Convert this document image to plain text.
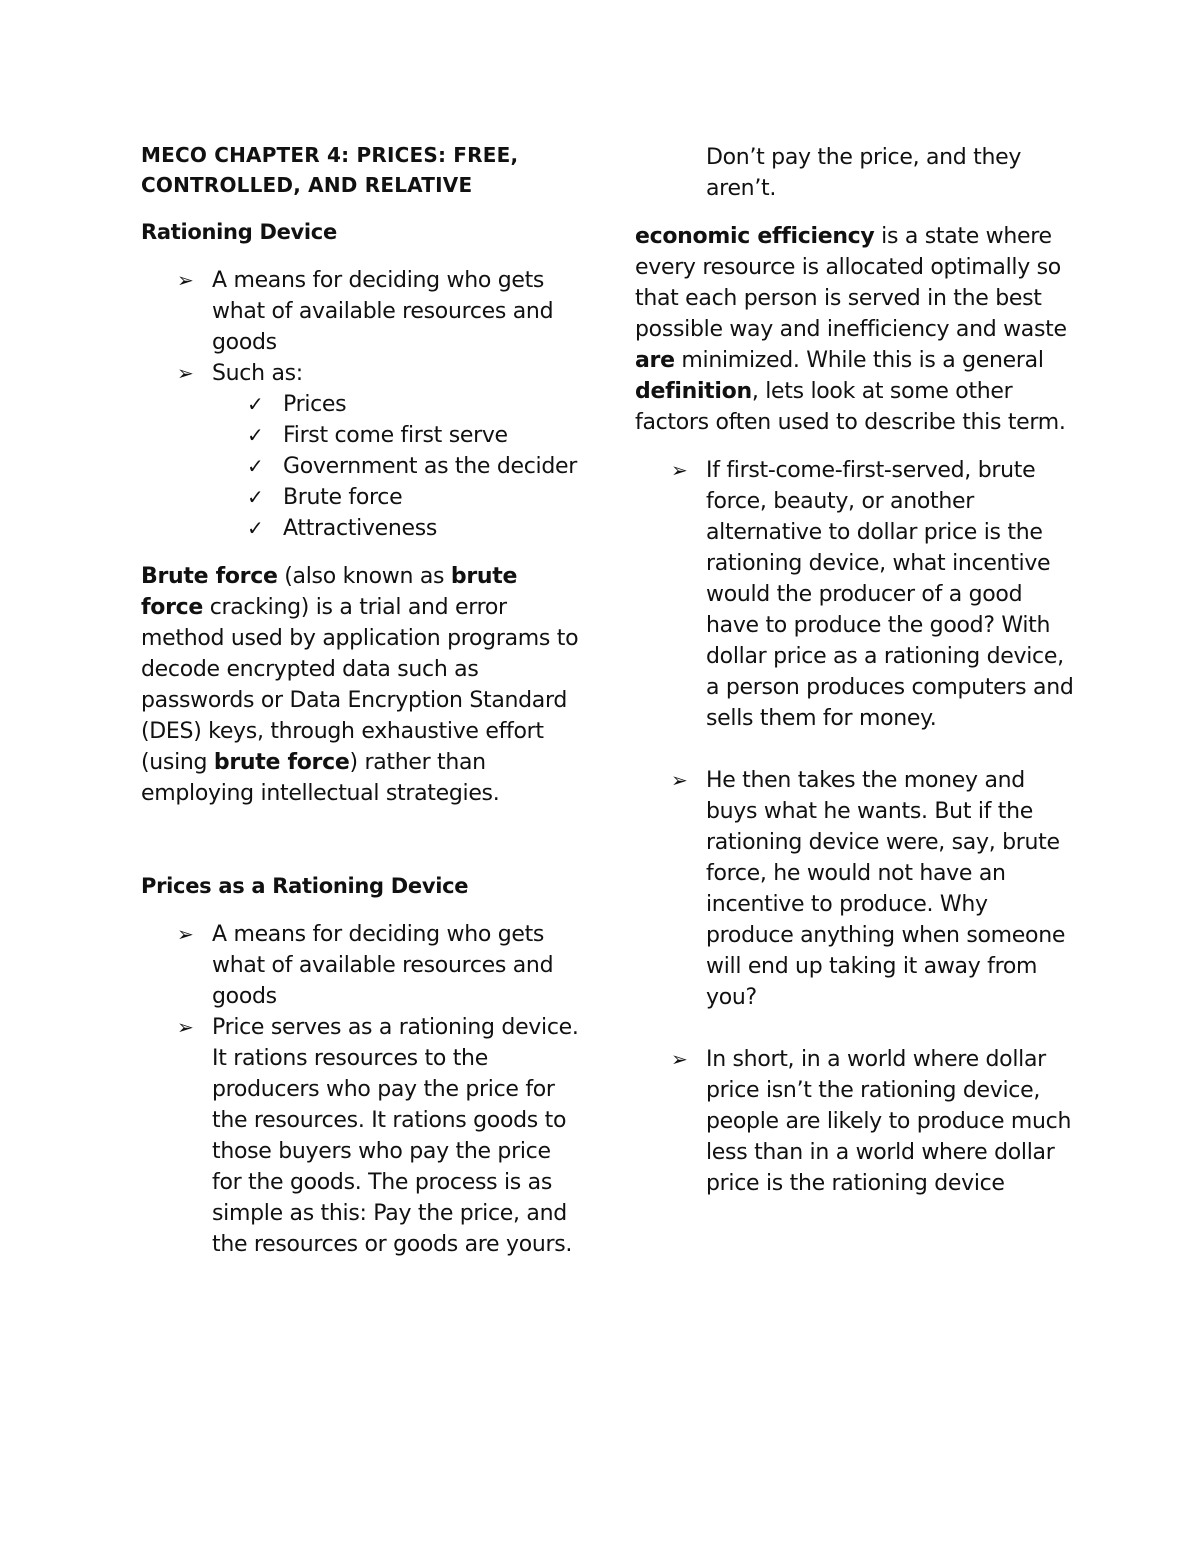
MECO CHAPTER 4: PRICES: FREE,
CONTROLLED, AND RELATIVE

Rationing Device
➢ A means for deciding who gets what of available resources and goods
➢ Such as:
✓ Prices
✓ First come first serve
✓ Government as the decider
✓ Brute force
✓ Attractiveness

Brute force (also known as brute force cracking) is a trial and error method used by application programs to decode encrypted data such as passwords or Data Encryption Standard (DES) keys, through exhaustive effort (using brute force) rather than employing intellectual strategies.

Prices as a Rationing Device
➢ A means for deciding who gets what of available resources and goods
➢ Price serves as a rationing device. It rations resources to the producers who pay the price for the resources. It rations goods to those buyers who pay the price for the goods. The process is as simple as this: Pay the price, and the resources or goods are yours.

Don’t pay the price, and they aren’t.

economic efficiency is a state where every resource is allocated optimally so that each person is served in the best possible way and inefficiency and waste are minimized. While this is a general definition, lets look at some other factors often used to describe this term.

➢ If first-come-first-served, brute force, beauty, or another alternative to dollar price is the rationing device, what incentive would the producer of a good have to produce the good? With dollar price as a rationing device, a person produces computers and sells them for money.
➢ He then takes the money and buys what he wants. But if the rationing device were, say, brute force, he would not have an incentive to produce. Why produce anything when someone will end up taking it away from you?
➢ In short, in a world where dollar price isn’t the rationing device, people are likely to produce much less than in a world where dollar price is the rationing device
